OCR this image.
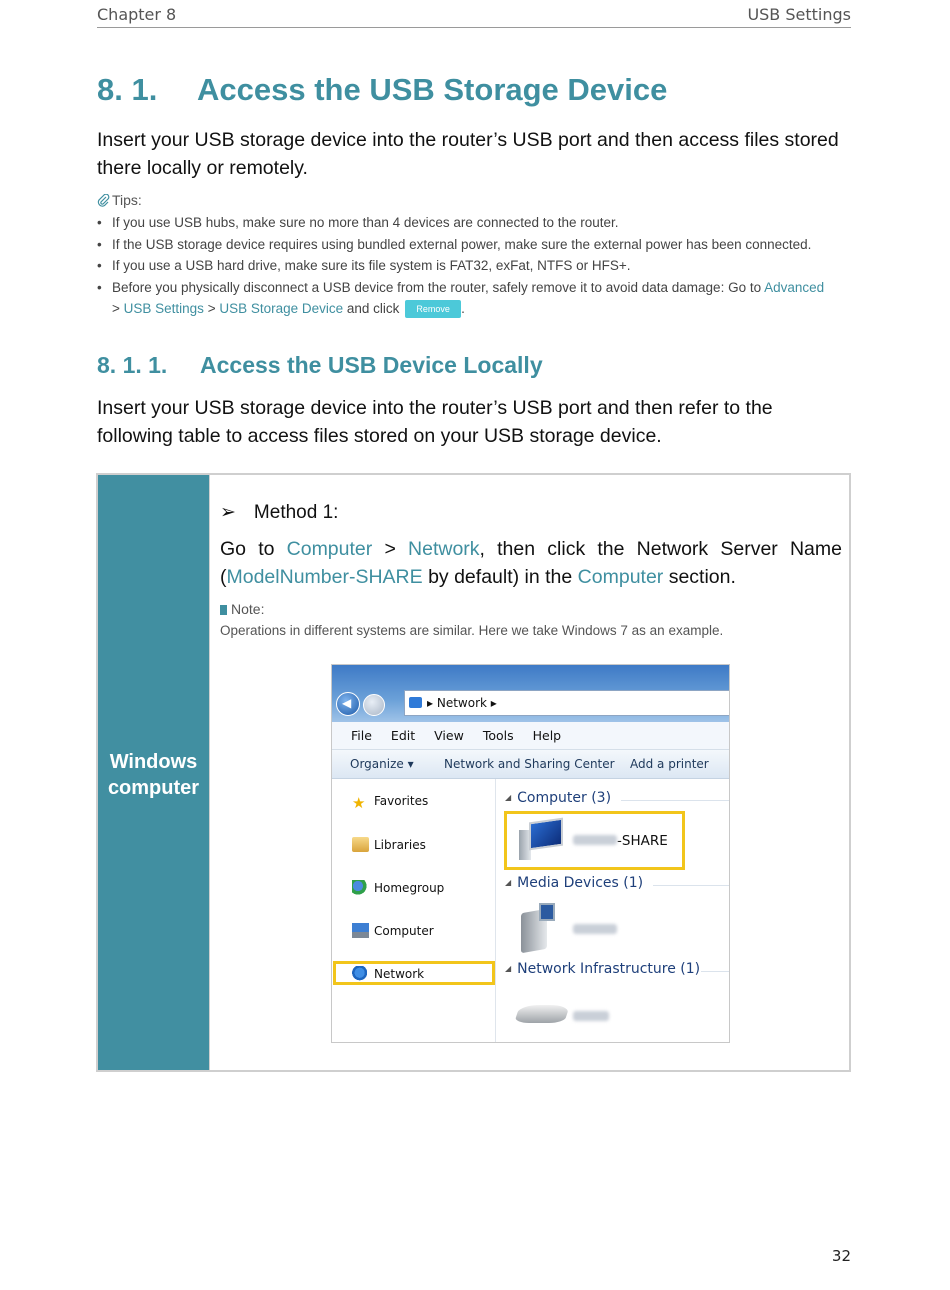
Chapter 8	USB Settings
8. 1. Access the USB Storage Device

Insert your USB storage device into the router’s USB port and then access files stored there locally or remotely.

Tips:
• If you use USB hubs, make sure no more than 4 devices are connected to the router.
• If the USB storage device requires using bundled external power, make sure the external power has been connected.
• If you use a USB hard drive, make sure its file system is FAT32, exFat, NTFS or HFS+.
• Before you physically disconnect a USB device from the router, safely remove it to avoid data damage: Go to Advanced
> USB Settings > USB Storage Device and click Remove .
8. 1. 1. Access the USB Device Locally

Insert your USB storage device into the router’s USB port and then refer to the following table to access files stored on your USB storage device.

Windows computer
➢ Method 1:

Go to Computer > Network, then click the Network Server Name (ModelNumber-SHARE by default) in the Computer section.

Note:
Operations in different systems are similar. Here we take Windows 7 as an example.
◀
▸ Network ▸
File Edit View Tools Help
Organize ▾	Network and Sharing Center Add a printer
★ Favorites
Libraries
Homegroup
Computer
Network
◢ Computer (3)
-SHARE
◢ Media Devices (1)
◢ Network Infrastructure (1)
32
